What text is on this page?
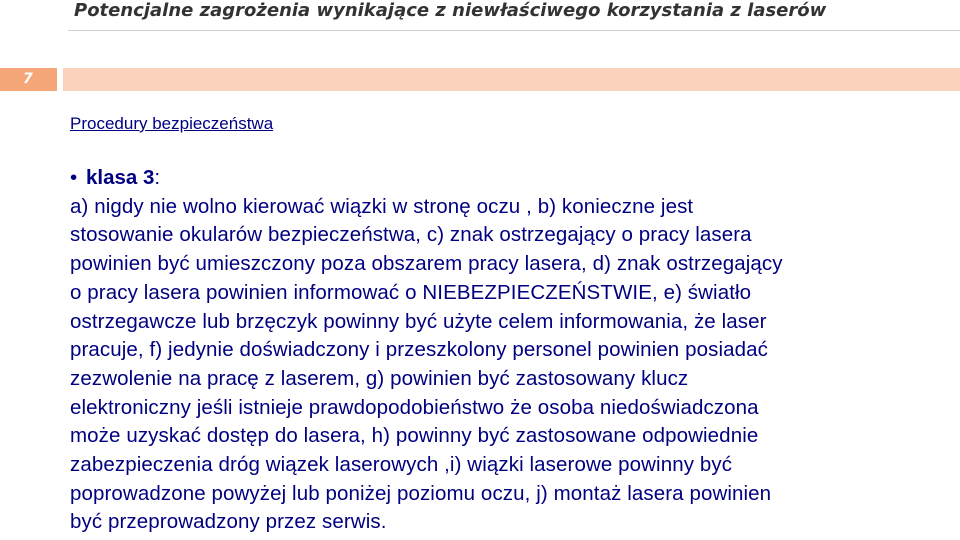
Potencjalne zagrożenia wynikające z niewłaściwego korzystania z laserów
7
Procedury bezpieczeństwa
• klasa 3:
a) nigdy nie wolno kierować wiązki w stronę oczu , b) konieczne jest
stosowanie okularów bezpieczeństwa, c) znak ostrzegający o pracy lasera
powinien być umieszczony poza obszarem pracy lasera, d) znak ostrzegający
o pracy lasera powinien informować o NIEBEZPIECZEŃSTWIE, e) światło
ostrzegawcze lub brzęczyk powinny być użyte celem informowania, że laser
pracuje, f) jedynie doświadczony i przeszkolony personel powinien posiadać
zezwolenie na pracę z laserem, g) powinien być zastosowany klucz
elektroniczny jeśli istnieje prawdopodobieństwo że osoba niedoświadczona
może uzyskać dostęp do lasera, h) powinny być zastosowane odpowiednie
zabezpieczenia dróg wiązek laserowych ,i) wiązki laserowe powinny być
poprowadzone powyżej lub poniżej poziomu oczu, j) montaż lasera powinien
być przeprowadzony przez serwis.
